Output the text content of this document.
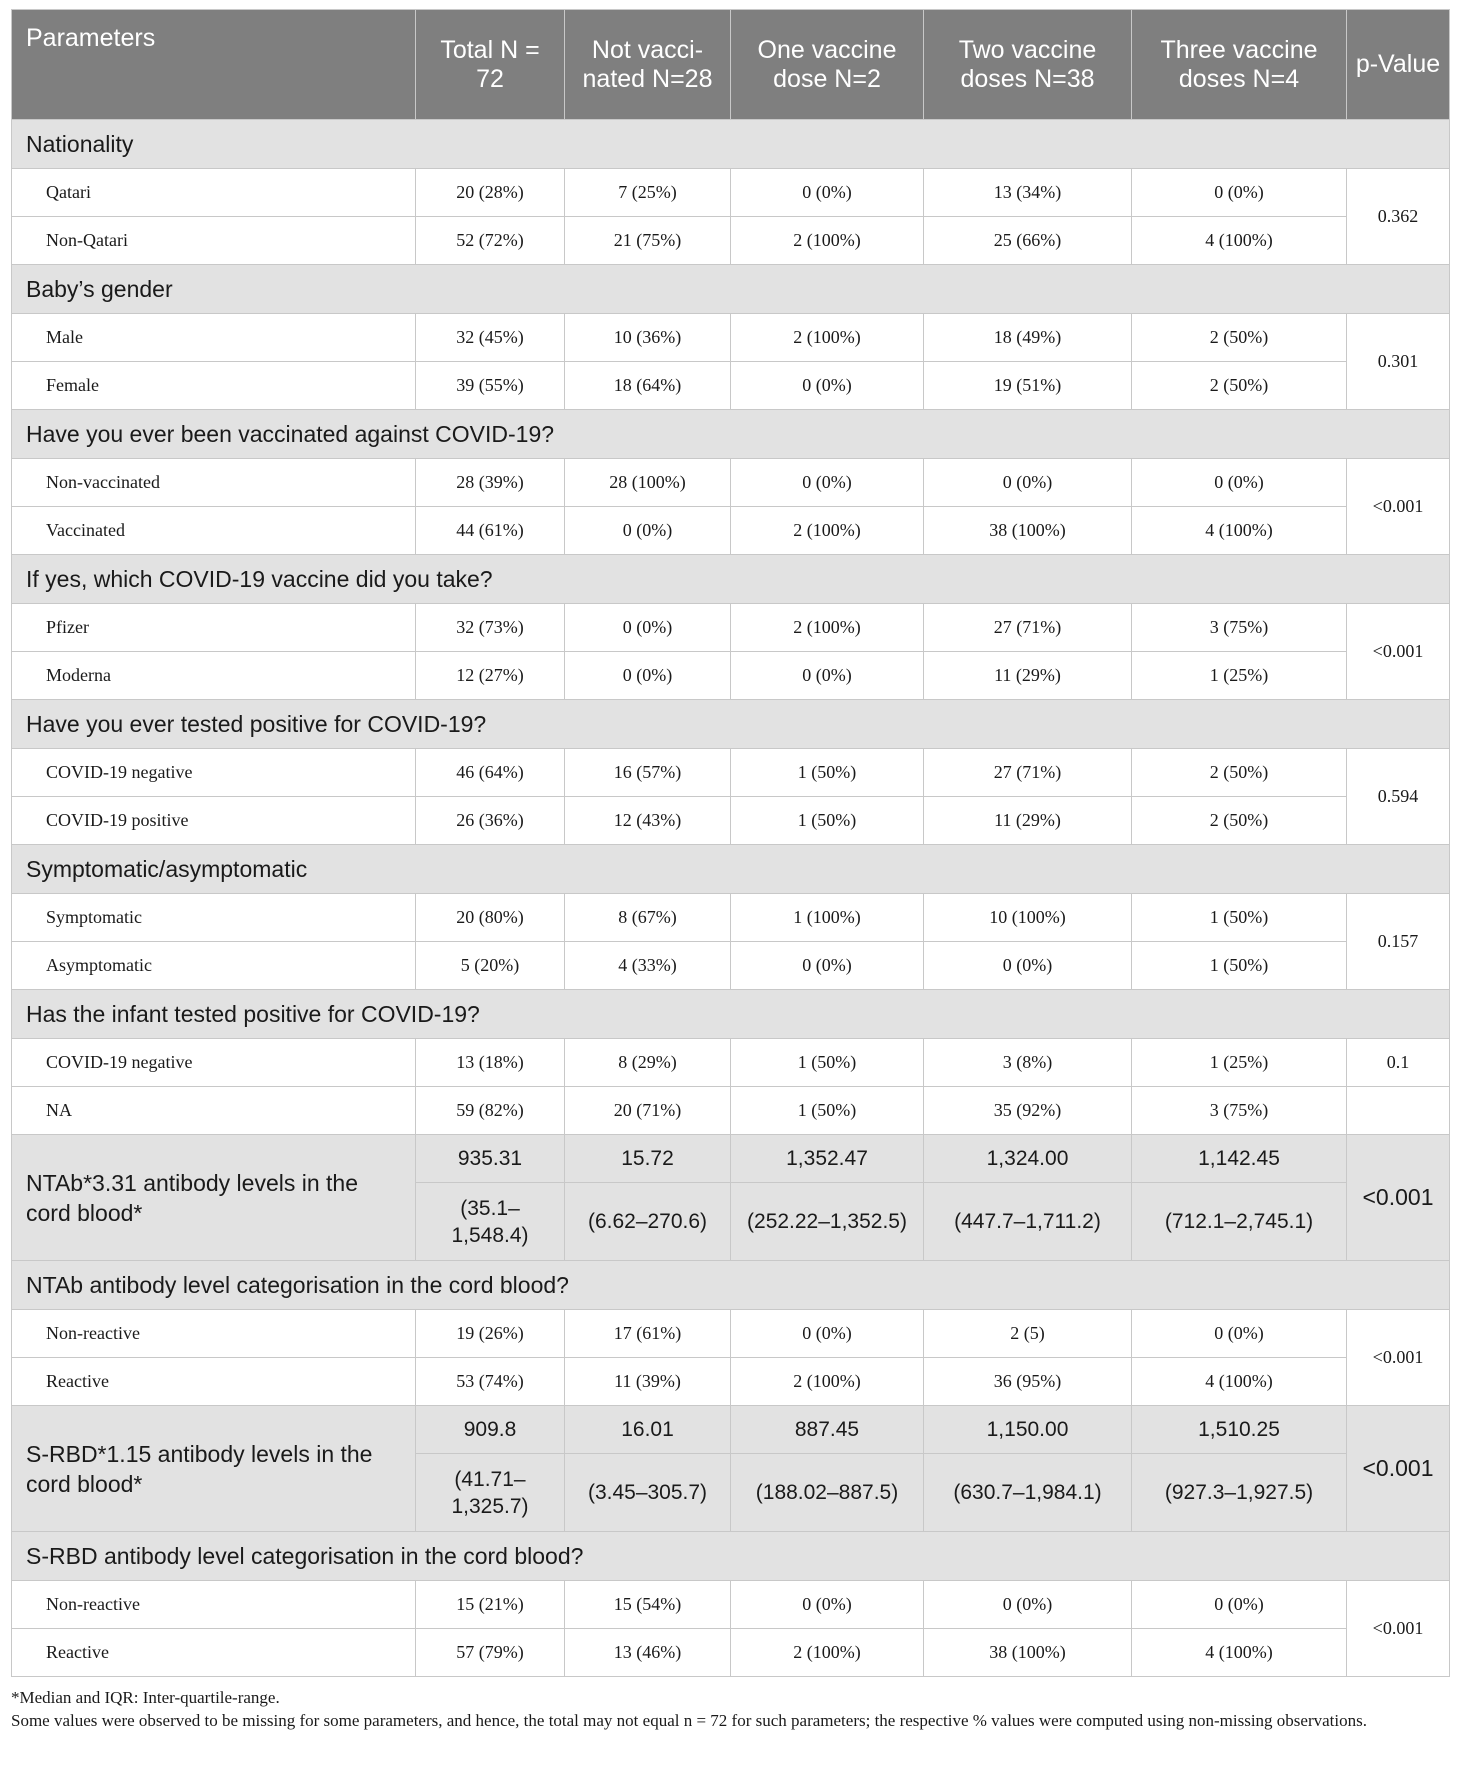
Parameters	Total N = 72	Not vacci-nated N=28	One vaccine dose N=2	Two vaccine doses N=38	Three vaccine doses N=4	p-Value
Nationality						
Qatari	20 (28%)	7 (25%)	0 (0%)	13 (34%)	0 (0%)	0.362
Non-Qatari	52 (72%)	21 (75%)	2 (100%)	25 (66%)	4 (100%)	
Baby’s gender						
Male	32 (45%)	10 (36%)	2 (100%)	18 (49%)	2 (50%)	0.301
Female	39 (55%)	18 (64%)	0 (0%)	19 (51%)	2 (50%)	
Have you ever been vaccinated against COVID-19?						
Non-vaccinated	28 (39%)	28 (100%)	0 (0%)	0 (0%)	0 (0%)	<0.001
Vaccinated	44 (61%)	0 (0%)	2 (100%)	38 (100%)	4 (100%)	
If yes, which COVID-19 vaccine did you take?						
Pfizer	32 (73%)	0 (0%)	2 (100%)	27 (71%)	3 (75%)	<0.001
Moderna	12 (27%)	0 (0%)	0 (0%)	11 (29%)	1 (25%)	
Have you ever tested positive for COVID-19?						
COVID-19 negative	46 (64%)	16 (57%)	1 (50%)	27 (71%)	2 (50%)	0.594
COVID-19 positive	26 (36%)	12 (43%)	1 (50%)	11 (29%)	2 (50%)	
Symptomatic/asymptomatic						
Symptomatic	20 (80%)	8 (67%)	1 (100%)	10 (100%)	1 (50%)	0.157
Asymptomatic	5 (20%)	4 (33%)	0 (0%)	0 (0%)	1 (50%)	
Has the infant tested positive for COVID-19?						
COVID-19 negative	13 (18%)	8 (29%)	1 (50%)	3 (8%)	1 (25%)	0.1
NA	59 (82%)	20 (71%)	1 (50%)	35 (92%)	3 (75%)	
NTAb*3.31 antibody levels in the cord blood*	935.31	15.72	1,352.47	1,324.00	1,142.45	<0.001
	(35.1–1,548.4)	(6.62–270.6)	(252.22–1,352.5)	(447.7–1,711.2)	(712.1–2,745.1)	
NTAb antibody level categorisation in the cord blood?						
Non-reactive	19 (26%)	17 (61%)	0 (0%)	2 (5)	0 (0%)	<0.001
Reactive	53 (74%)	11 (39%)	2 (100%)	36 (95%)	4 (100%)	
S-RBD*1.15 antibody levels in the cord blood*	909.8	16.01	887.45	1,150.00	1,510.25	<0.001
	(41.71–1,325.7)	(3.45–305.7)	(188.02–887.5)	(630.7–1,984.1)	(927.3–1,927.5)	
S-RBD antibody level categorisation in the cord blood?						
Non-reactive	15 (21%)	15 (54%)	0 (0%)	0 (0%)	0 (0%)	<0.001
Reactive	57 (79%)	13 (46%)	2 (100%)	38 (100%)	4 (100%)	

*Median and IQR: Inter-quartile-range.

Some values were observed to be missing for some parameters, and hence, the total may not equal n = 72 for such parameters; the respective % values were computed using non-missing observations.
